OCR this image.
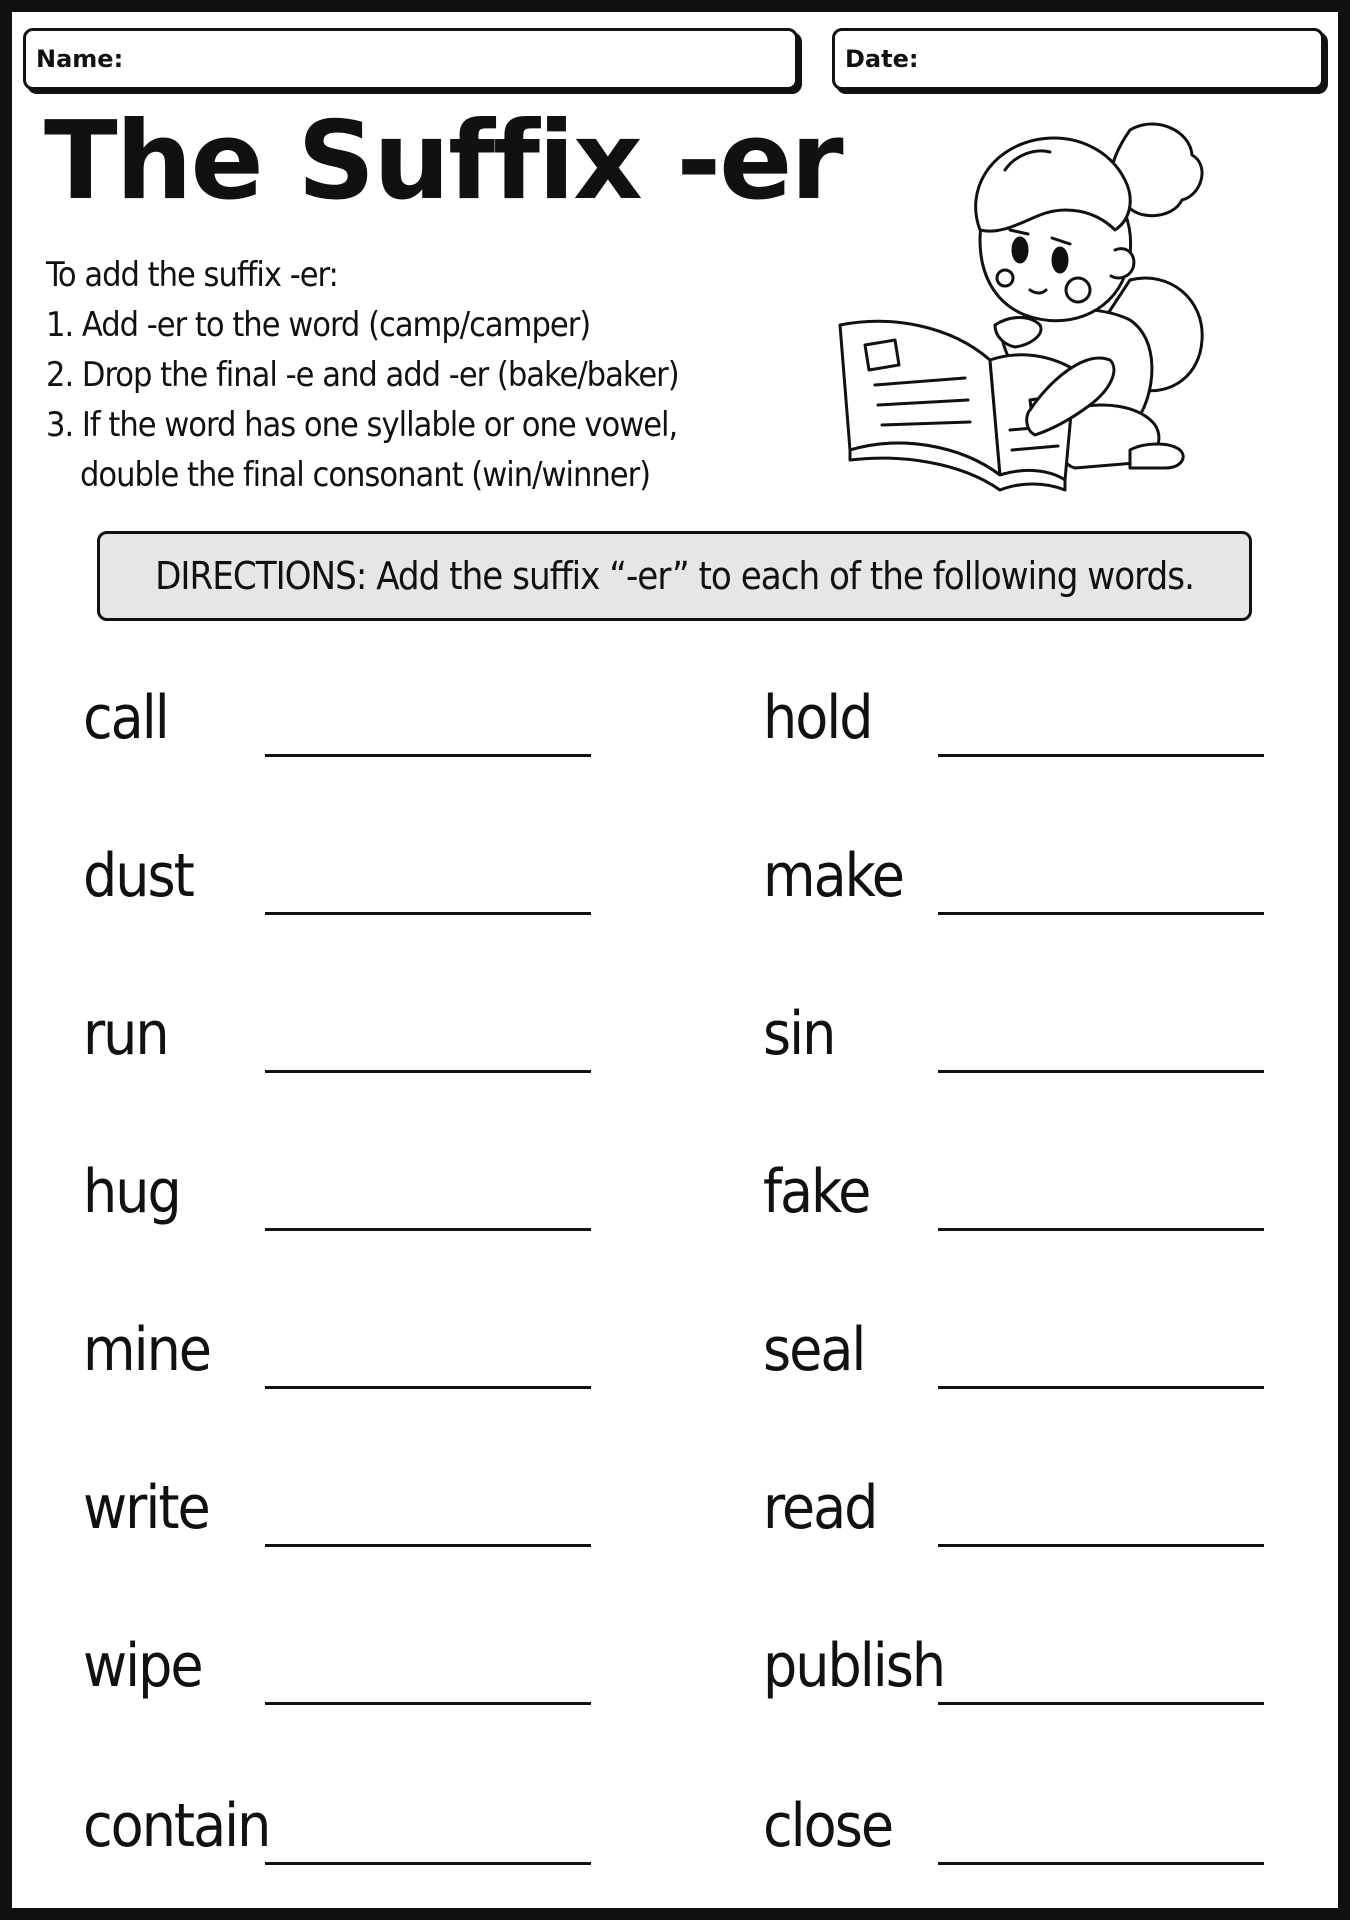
Name:	Date:
The Suffix -er
To add the suffix -er:
1. Add -er to the word (camp/camper)
2. Drop the final -e and add -er (bake/baker)
3. If the word has one syllable or one vowel,
double the final consonant (win/winner)
DIRECTIONS: Add the suffix “-er” to each of the following words.
call
dust
run
hug
mine
write
wipe
contain
hold
make
sin
fake
seal
read
publish
close
